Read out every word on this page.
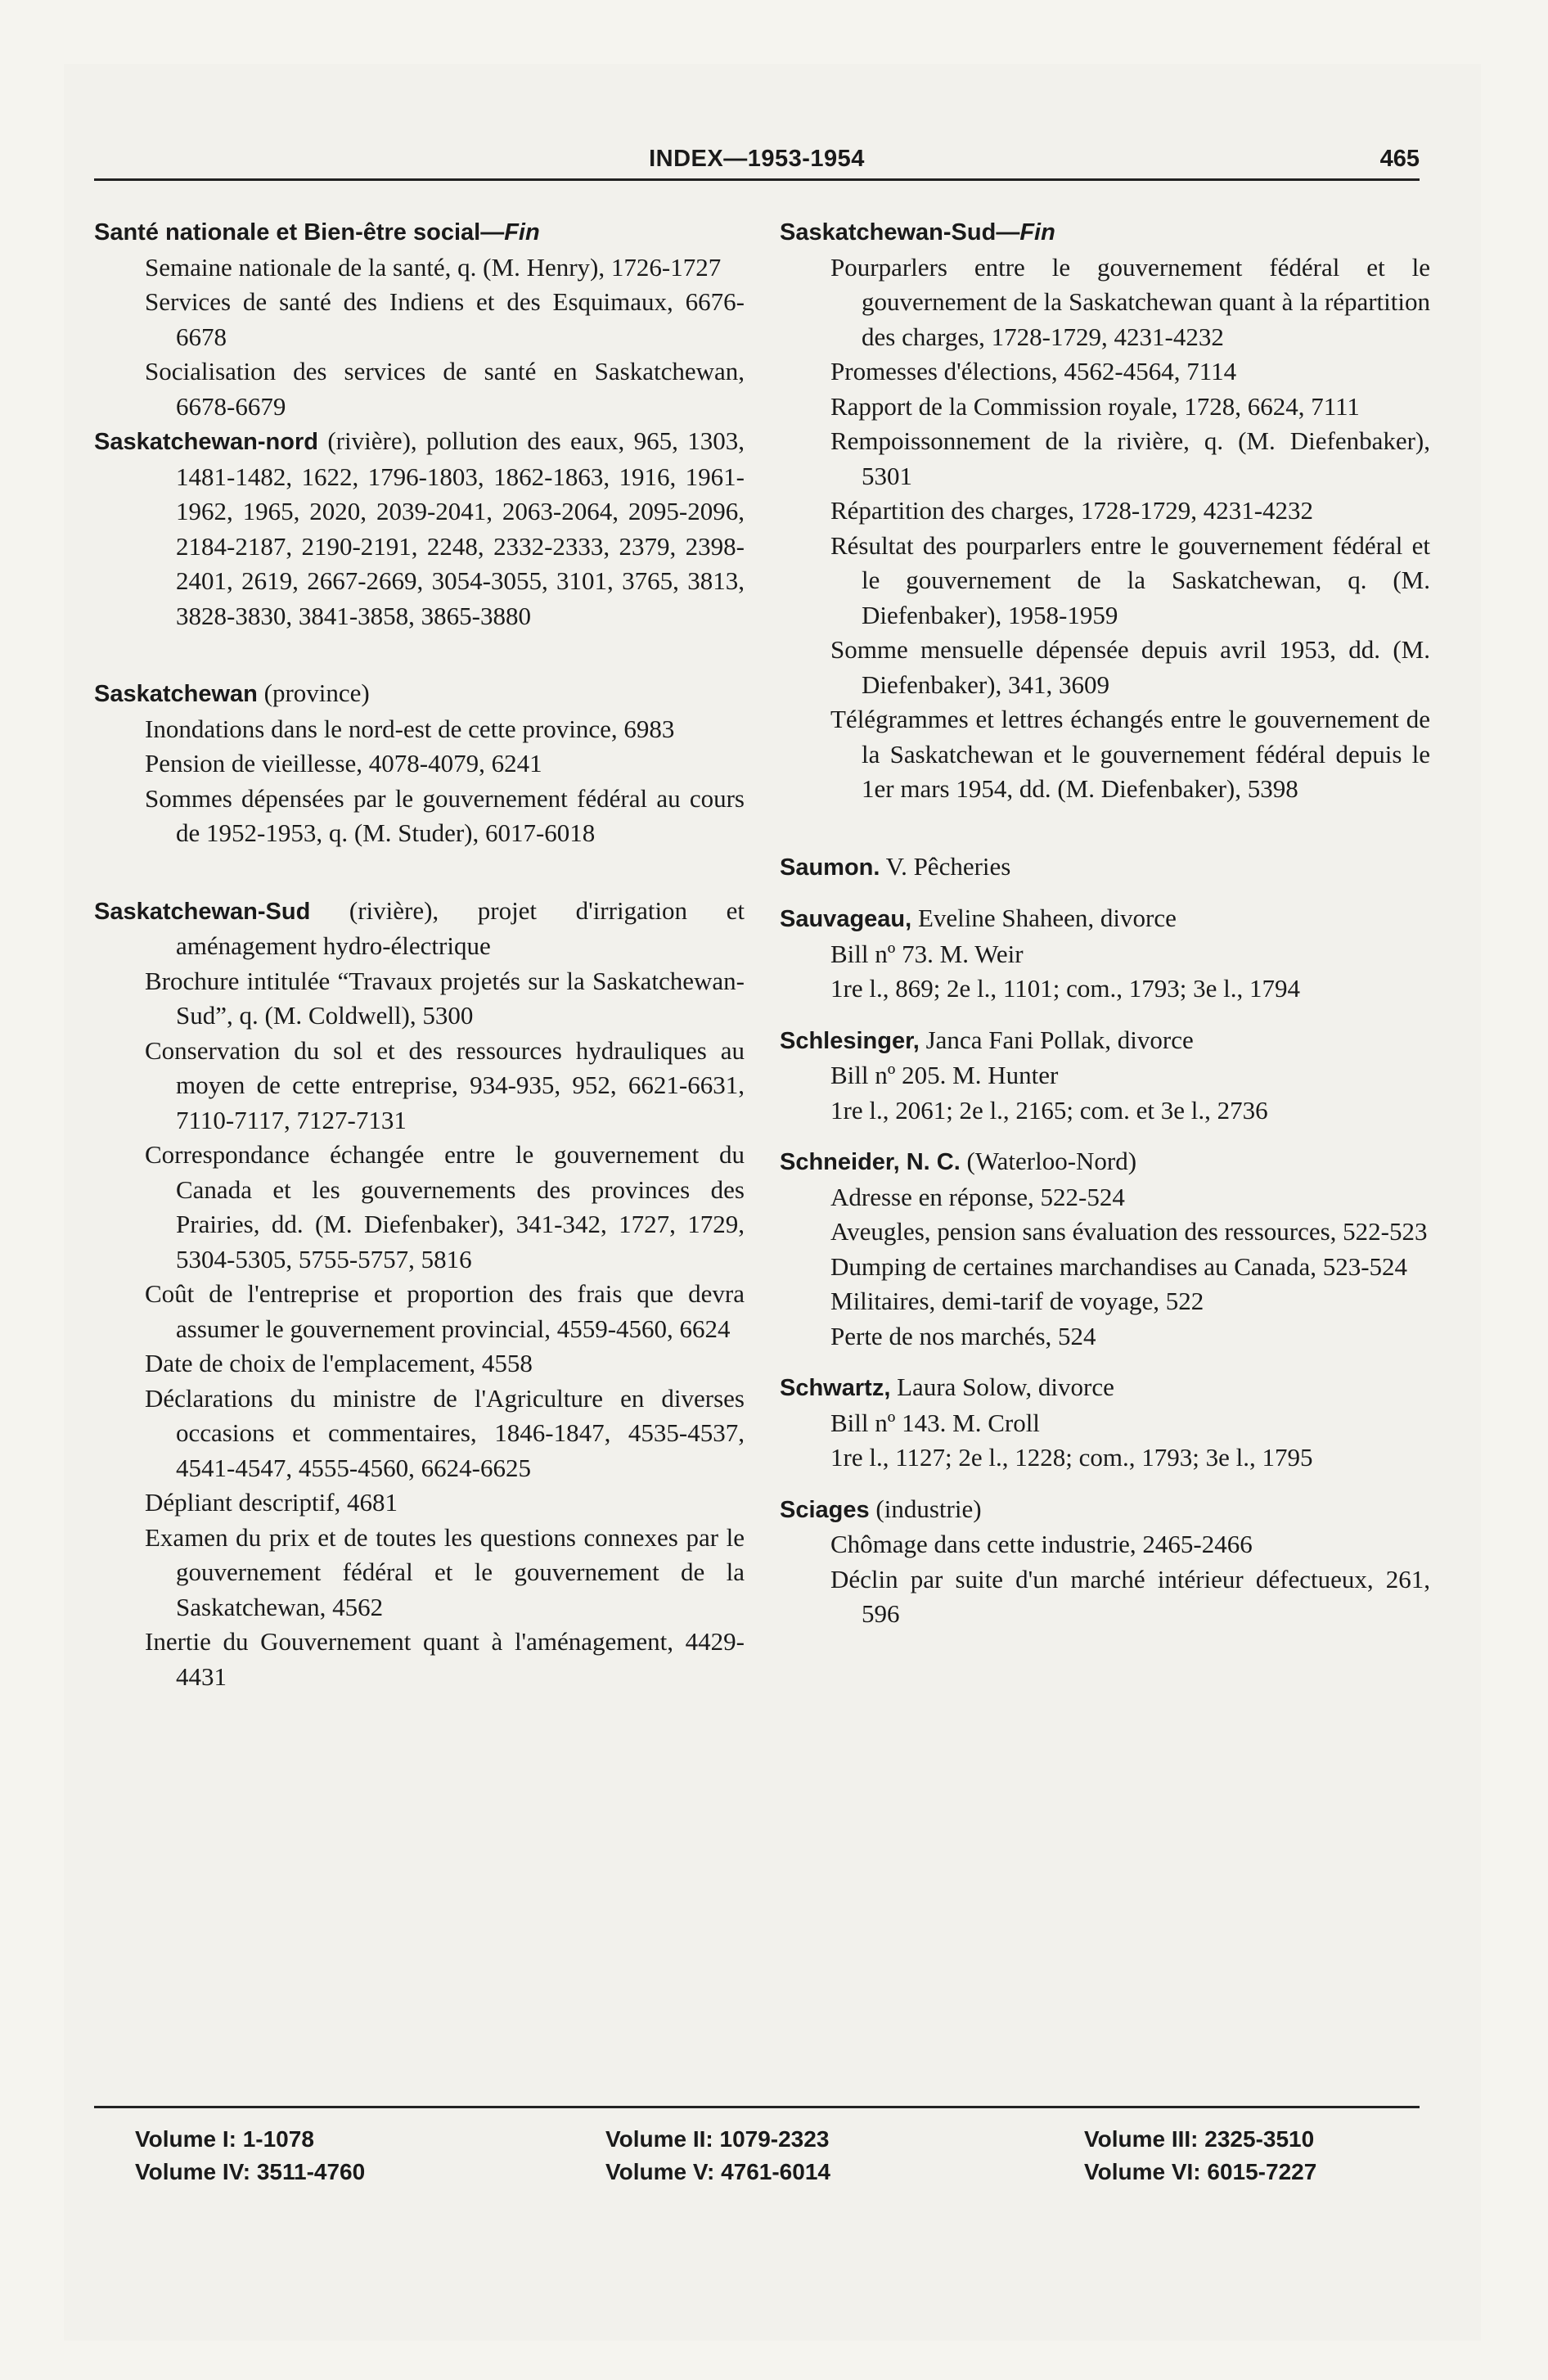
INDEX—1953-1954	465
Santé nationale et Bien-être social—Fin

Semaine nationale de la santé, q. (M. Henry), 1726-1727

Services de santé des Indiens et des Esquimaux, 6676-6678

Socialisation des services de santé en Saskatchewan, 6678-6679

Saskatchewan-nord (rivière), pollution des eaux, 965, 1303, 1481-1482, 1622, 1796-1803, 1862-1863, 1916, 1961-1962, 1965, 2020, 2039-2041, 2063-2064, 2095-2096, 2184-2187, 2190-2191, 2248, 2332-2333, 2379, 2398-2401, 2619, 2667-2669, 3054-3055, 3101, 3765, 3813, 3828-3830, 3841-3858, 3865-3880

Saskatchewan (province)

Inondations dans le nord-est de cette province, 6983

Pension de vieillesse, 4078-4079, 6241

Sommes dépensées par le gouvernement fédéral au cours de 1952-1953, q. (M. Studer), 6017-6018

Saskatchewan-Sud (rivière), projet d'irrigation et aménagement hydro-électrique

Brochure intitulée “Travaux projetés sur la Saskatchewan-Sud”, q. (M. Coldwell), 5300

Conservation du sol et des ressources hydrauliques au moyen de cette entreprise, 934-935, 952, 6621-6631, 7110-7117, 7127-7131

Correspondance échangée entre le gouvernement du Canada et les gouvernements des provinces des Prairies, dd. (M. Diefenbaker), 341-342, 1727, 1729, 5304-5305, 5755-5757, 5816

Coût de l'entreprise et proportion des frais que devra assumer le gouvernement provincial, 4559-4560, 6624

Date de choix de l'emplacement, 4558

Déclarations du ministre de l'Agriculture en diverses occasions et commentaires, 1846-1847, 4535-4537, 4541-4547, 4555-4560, 6624-6625

Dépliant descriptif, 4681

Examen du prix et de toutes les questions connexes par le gouvernement fédéral et le gouvernement de la Saskatchewan, 4562

Inertie du Gouvernement quant à l'aménagement, 4429-4431

Saskatchewan-Sud—Fin

Pourparlers entre le gouvernement fédéral et le gouvernement de la Saskatchewan quant à la répartition des charges, 1728-1729, 4231-4232

Promesses d'élections, 4562-4564, 7114

Rapport de la Commission royale, 1728, 6624, 7111

Rempoissonnement de la rivière, q. (M. Diefenbaker), 5301

Répartition des charges, 1728-1729, 4231-4232

Résultat des pourparlers entre le gouvernement fédéral et le gouvernement de la Saskatchewan, q. (M. Diefenbaker), 1958-1959

Somme mensuelle dépensée depuis avril 1953, dd. (M. Diefenbaker), 341, 3609

Télégrammes et lettres échangés entre le gouvernement de la Saskatchewan et le gouvernement fédéral depuis le 1er mars 1954, dd. (M. Diefenbaker), 5398

Saumon. V. Pêcheries
Sauvageau, Eveline Shaheen, divorce

Bill nº 73. M. Weir

1re l., 869; 2e l., 1101; com., 1793; 3e l., 1794

Schlesinger, Janca Fani Pollak, divorce

Bill nº 205. M. Hunter

1re l., 2061; 2e l., 2165; com. et 3e l., 2736

Schneider, N. C. (Waterloo-Nord)

Adresse en réponse, 522-524

Aveugles, pension sans évaluation des ressources, 522-523

Dumping de certaines marchandises au Canada, 523-524

Militaires, demi-tarif de voyage, 522

Perte de nos marchés, 524

Schwartz, Laura Solow, divorce

Bill nº 143. M. Croll

1re l., 1127; 2e l., 1228; com., 1793; 3e l., 1795

Sciages (industrie)

Chômage dans cette industrie, 2465-2466

Déclin par suite d'un marché intérieur défectueux, 261, 596

Volume I: 1-1078
Volume IV: 3511-4760
Volume II: 1079-2323
Volume V: 4761-6014
Volume III: 2325-3510
Volume VI: 6015-7227
